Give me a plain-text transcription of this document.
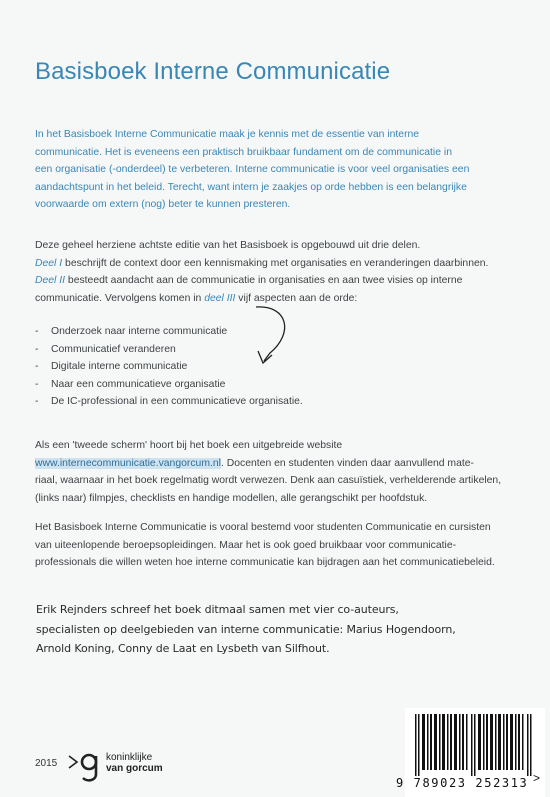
Basisboek Interne Communicatie
In het Basisboek Interne Communicatie maak je kennis met de essentie van interne
communicatie. Het is eveneens een praktisch bruikbaar fundament om de communicatie in
een organisatie (-onderdeel) te verbeteren. Interne communicatie is voor veel organisaties een
aandachtspunt in het beleid. Terecht, want intern je zaakjes op orde hebben is een belangrijke
voorwaarde om extern (nog) beter te kunnen presteren.
Deze geheel herziene achtste editie van het Basisboek is opgebouwd uit drie delen.
Deel I beschrijft de context door een kennismaking met organisaties en veranderingen daarbinnen.
Deel II besteedt aandacht aan de communicatie in organisaties en aan twee visies op interne
communicatie. Vervolgens komen in deel III vijf aspecten aan de orde:
- Onderzoek naar interne communicatie
- Communicatief veranderen
- Digitale interne communicatie
- Naar een communicatieve organisatie
- De IC-professional in een communicatieve organisatie.
Als een 'tweede scherm' hoort bij het boek een uitgebreide website
www.internecommunicatie.vangorcum.nl. Docenten en studenten vinden daar aanvullend mate-
riaal, waarnaar in het boek regelmatig wordt verwezen. Denk aan casuïstiek, verhelderende artikelen,
(links naar) filmpjes, checklists en handige modellen, alle gerangschikt per hoofdstuk.
Het Basisboek Interne Communicatie is vooral bestemd voor studenten Communicatie en cursisten
van uiteenlopende beroepsopleidingen. Maar het is ook goed bruikbaar voor communicatie-
professionals die willen weten hoe interne communicatie kan bijdragen aan het communicatiebeleid.
Erik Rejnders schreef het boek ditmaal samen met vier co-auteurs,
specialisten op deelgebieden van interne communicatie: Marius Hogendoorn,
Arnold Koning, Conny de Laat en Lysbeth van Silfhout.
2015
koninklijke
van gorcum
9 789023 252313 >
